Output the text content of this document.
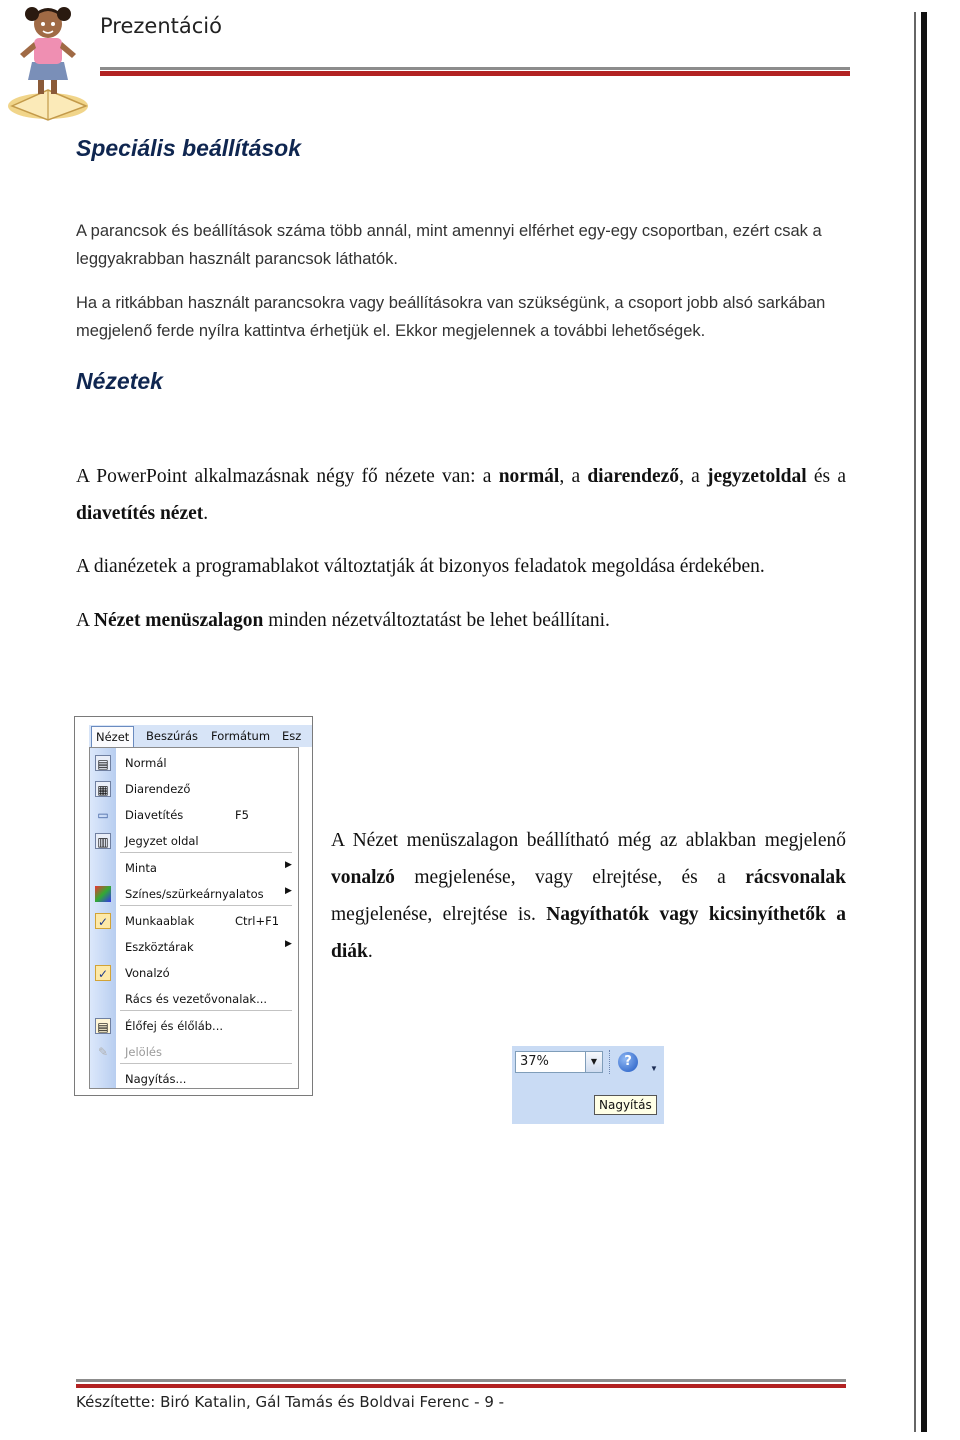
Prezentáció
Speciális beállítások
A parancsok és beállítások száma több annál, mint amennyi elférhet egy-egy csoportban, ezért csak a leggyakrabban használt parancsok láthatók.
Ha a ritkábban használt parancsokra vagy beállításokra van szükségünk, a csoport jobb alsó sarkában megjelenő ferde nyílra kattintva érhetjük el. Ekkor megjelennek a további lehetőségek.
Nézetek
A PowerPoint alkalmazásnak négy fő nézete van: a normál, a diarendező, a jegyzetoldal és a diavetítés nézet.
A dianézetek a programablakot változtatják át bizonyos feladatok megoldása érdekében.
A Nézet menüszalagon minden nézetváltoztatást be lehet beállítani.
Nézet	Beszúrás Formátum Esz
▤ Normál
▦ Diarendező
▭ Diavetítés	F5
▥ Jegyzet oldal
Minta	▶
Színes/szürkeárnyalatos ▶
✓ Munkaablak	Ctrl+F1
Eszköztárak	▶
✓ Vonalzó
Rács és vezetővonalak...
▤ Élőfej és élőláb...
✎ Jelölés
Nagyítás...
A Nézet menüszalagon beállítható még az ablakban megjelenő vonalzó megjelenése, vagy elrejtése, és a rácsvonalak megjelenése, elrejtése is. Nagyíthatók vagy kicsinyíthetők a diák.
37%	▼	?	▼
Nagyítás
Készítette: Biró Katalin, Gál Tamás és Boldvai Ferenc - 9 -
